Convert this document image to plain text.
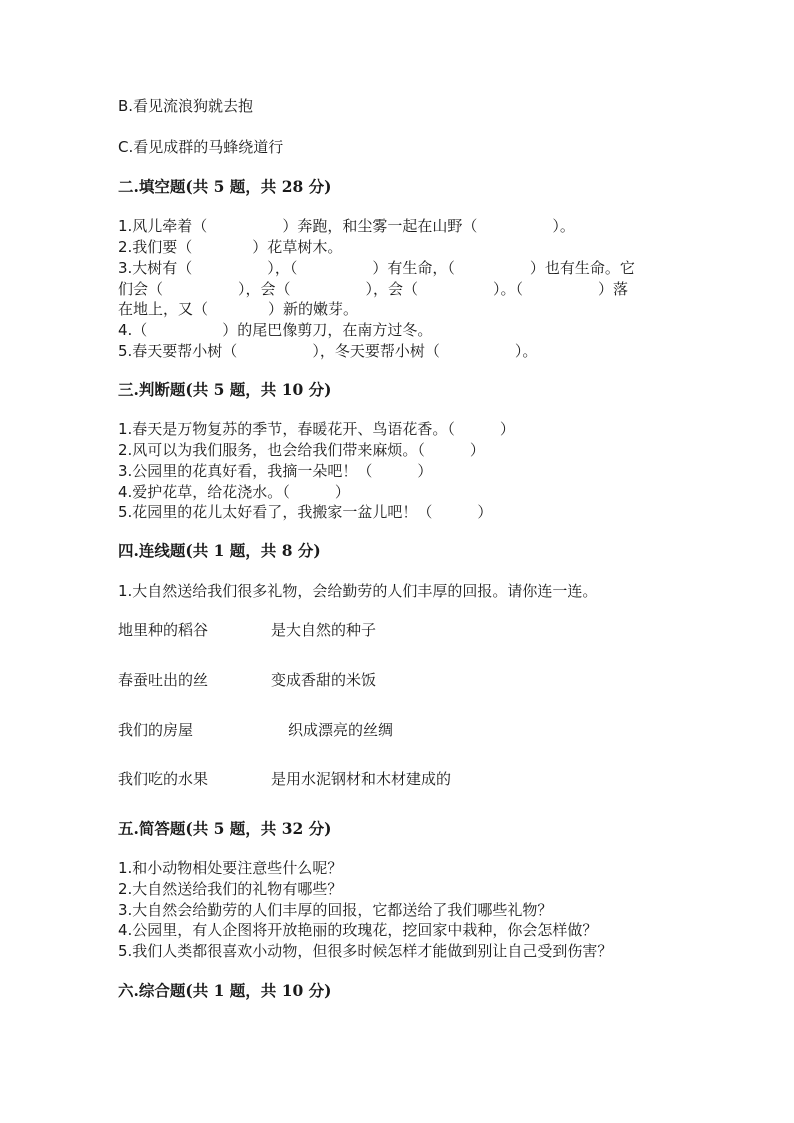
B.看见流浪狗就去抱
C.看见成群的马蜂绕道行
二.填空题(共 5 题，共 28 分)
1.风儿牵着（　　　　　）奔跑，和尘雾一起在山野（　　　　　）。
2.我们要（　　　　）花草树木。
3.大树有（　　　　　），（　　　　　）有生命，（　　　　　）也有生命。它
们会（　　　　　），会（　　　　　），会（　　　　　）。（　　　　　）落
在地上，又（　　　　）新的嫩芽。
4.（　　　　　）的尾巴像剪刀，在南方过冬。
5.春天要帮小树（　　　　　），冬天要帮小树（　　　　　）。
三.判断题(共 5 题，共 10 分)
1.春天是万物复苏的季节，春暖花开、鸟语花香。（　　　）
2.风可以为我们服务，也会给我们带来麻烦。（　　　）
3.公园里的花真好看，我摘一朵吧！（　　　）
4.爱护花草，给花浇水。（　　　）
5.花园里的花儿太好看了，我搬家一盆儿吧！（　　　）
四.连线题(共 1 题，共 8 分)
1.大自然送给我们很多礼物，会给勤劳的人们丰厚的回报。请你连一连。
地里种的稻谷	是大自然的种子
春蚕吐出的丝	变成香甜的米饭
我们的房屋	织成漂亮的丝绸
我们吃的水果	是用水泥钢材和木材建成的
五.简答题(共 5 题，共 32 分)
1.和小动物相处要注意些什么呢？
2.大自然送给我们的礼物有哪些？
3.大自然会给勤劳的人们丰厚的回报，它都送给了我们哪些礼物？
4.公园里，有人企图将开放艳丽的玫瑰花，挖回家中栽种，你会怎样做？
5.我们人类都很喜欢小动物，但很多时候怎样才能做到别让自己受到伤害？
六.综合题(共 1 题，共 10 分)
